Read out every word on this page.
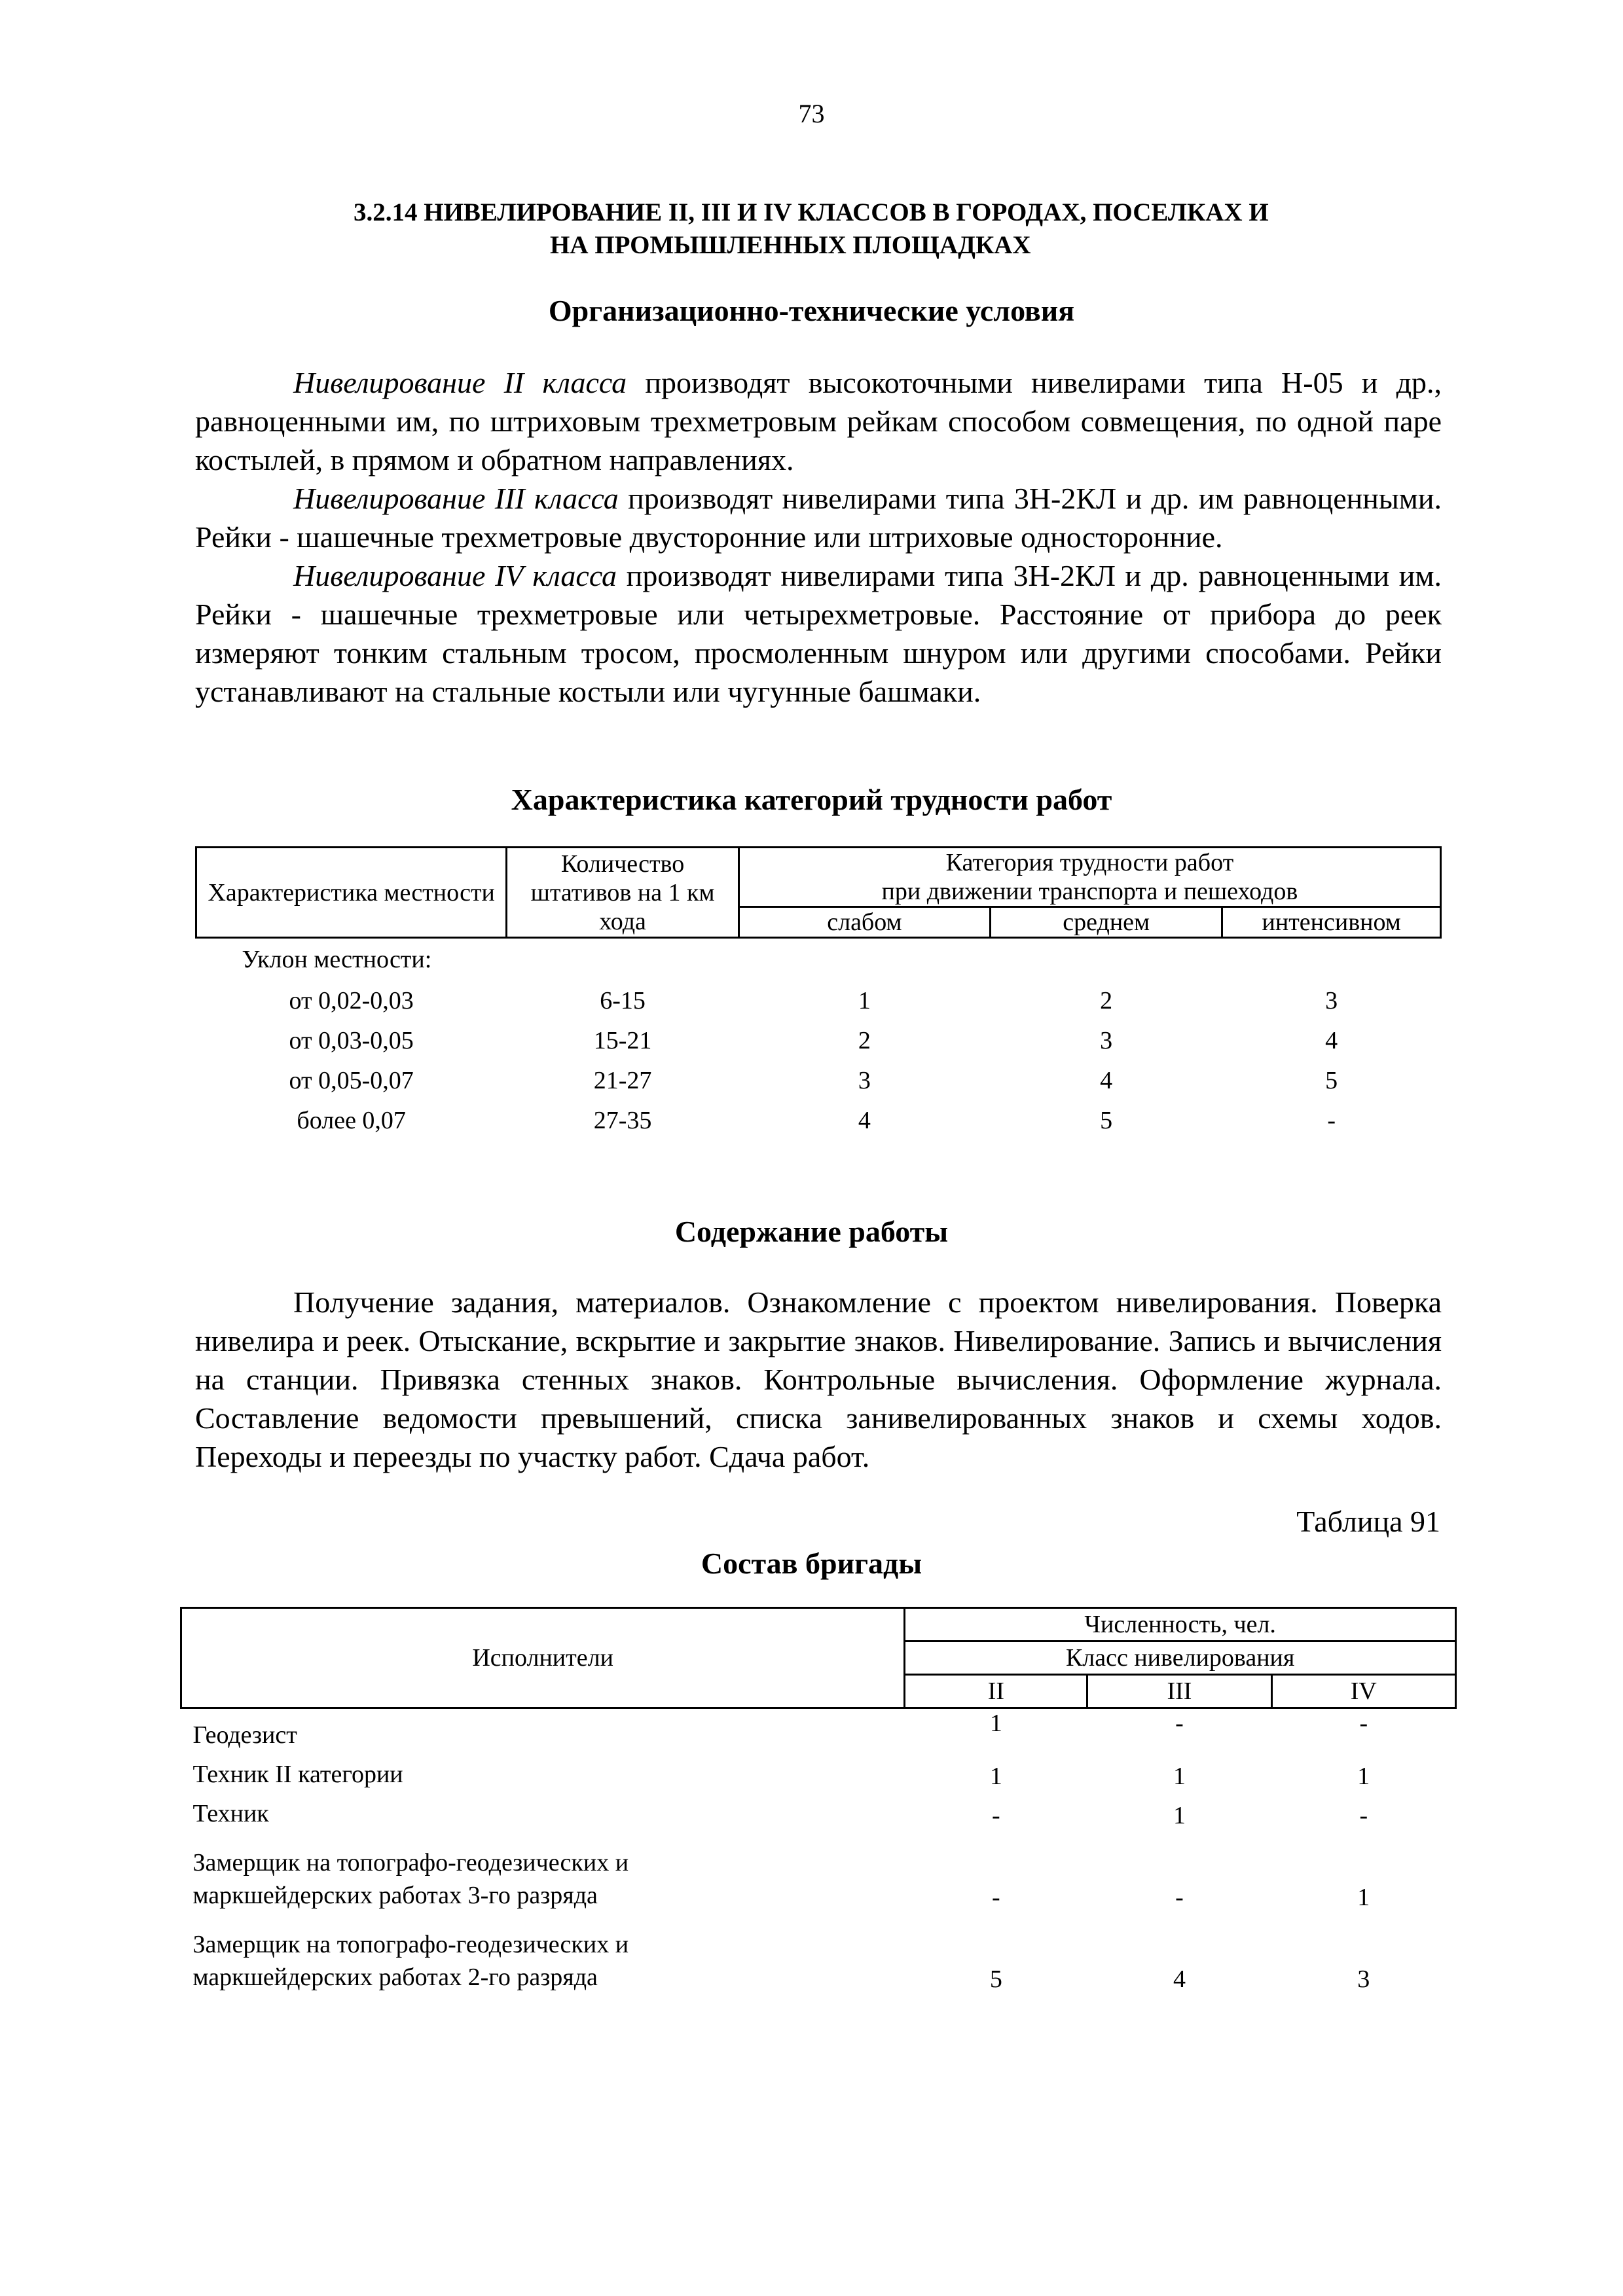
73
3.2.14 НИВЕЛИРОВАНИЕ II, III И IV КЛАССОВ В ГОРОДАХ, ПОСЕЛКАХ И
НА ПРОМЫШЛЕННЫХ ПЛОЩАДКАХ
Организационно-технические условия

Нивелирование II класса производят высокоточными нивелирами типа Н-05 и др., равноценными им, по штриховым трехметровым рейкам способом совмещения, по одной паре костылей, в прямом и обратном направлениях.

Нивелирование III класса производят нивелирами типа 3Н-2КЛ и др. им равноценными. Рейки - шашечные трехметровые двусторонние или штриховые односторонние.

Нивелирование IV класса производят нивелирами типа 3Н-2КЛ и др. равноценными им. Рейки - шашечные трехметровые или четырехметровые. Расстояние от прибора до реек измеряют тонким стальным тросом, просмоленным шнуром или другими способами. Рейки устанавливают на стальные костыли или чугунные башмаки.

Характеристика категорий трудности работ
Характеристика местности	Количество штативов на 1 км хода	Категория трудности работ
при движении транспорта и пешеходов		
		слабом	среднем	интенсивном
Уклон местности:				
от 0,02-0,03	6-15	1	2	3
от 0,03-0,05	15-21	2	3	4
от 0,05-0,07	21-27	3	4	5
более 0,07	27-35	4	5	-
Содержание работы

Получение задания, материалов. Ознакомление с проектом нивелирования. Поверка нивелира и реек. Отыскание, вскрытие и закрытие знаков. Нивелирование. Запись и вычисления на станции. Привязка стенных знаков. Контрольные вычисления. Оформление журнала. Составление ведомости превышений, списка занивелированных знаков и схемы ходов. Переходы и переезды по участку работ. Сдача работ.

Таблица 91
Состав бригады
Исполнители	Численность, чел.		
	Класс нивелирования		
	II	III	IV
Геодезист	1	-	-
Техник II категории	1	1	1
Техник	-	1	-
Замерщик на топографо-геодезических и маркшейдерских работах 3-го разряда	-	-	1
Замерщик на топографо-геодезических и маркшейдерских работах 2-го разряда	5	4	3
